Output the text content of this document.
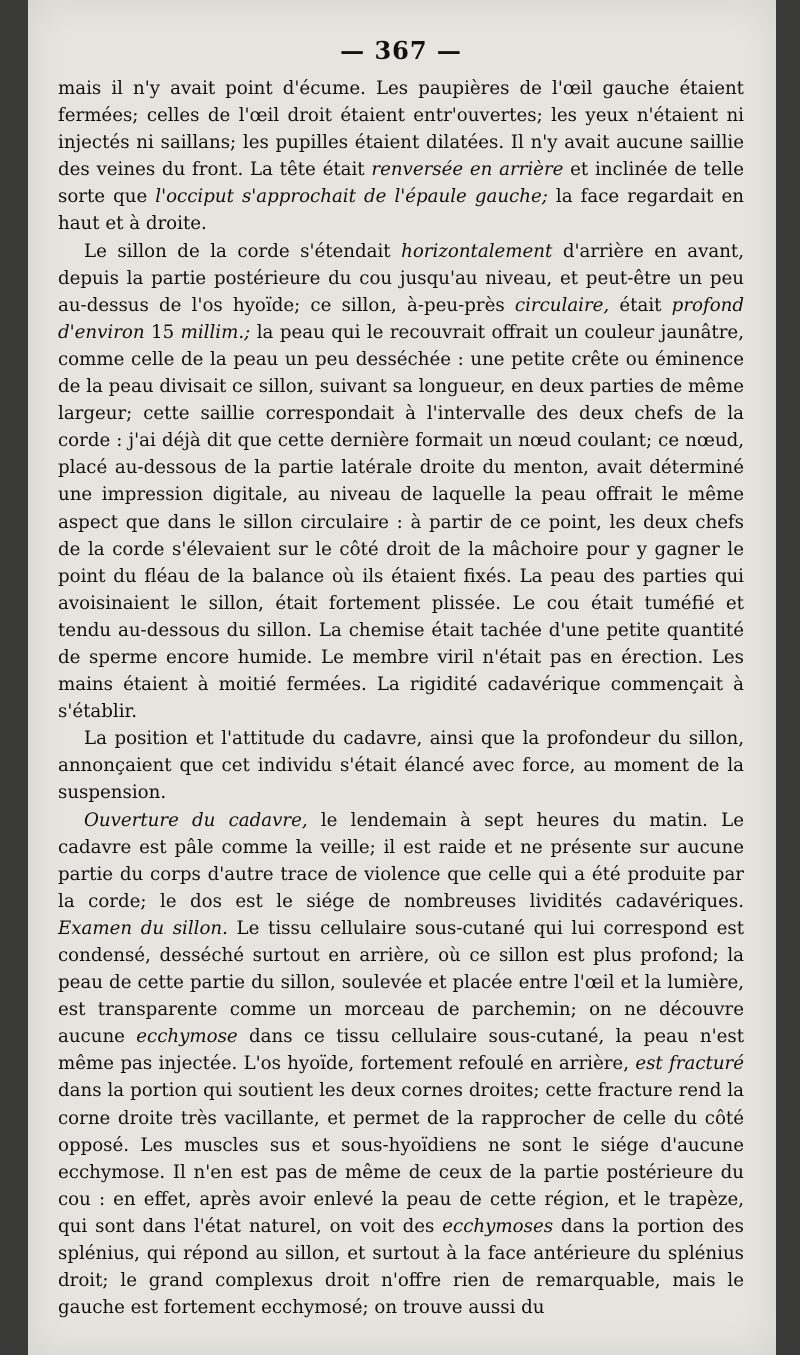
— 367 —

mais il n'y avait point d'écume. Les paupières de l'œil gauche étaient fermées; celles de l'œil droit étaient entr'ouvertes; les yeux n'étaient ni injectés ni saillans; les pupilles étaient dilatées. Il n'y avait aucune saillie des veines du front. La tête était renversée en arrière et inclinée de telle sorte que l'occiput s'approchait de l'épaule gauche; la face regardait en haut et à droite.

Le sillon de la corde s'étendait horizontalement d'arrière en avant, depuis la partie postérieure du cou jusqu'au niveau, et peut-être un peu au-dessus de l'os hyoïde; ce sillon, à-peu-près circulaire, était profond d'environ 15 millim.; la peau qui le recouvrait offrait un couleur jaunâtre, comme celle de la peau un peu desséchée : une petite crête ou éminence de la peau divisait ce sillon, suivant sa longueur, en deux parties de même largeur; cette saillie correspondait à l'intervalle des deux chefs de la corde : j'ai déjà dit que cette dernière formait un nœud coulant; ce nœud, placé au-dessous de la partie latérale droite du menton, avait déterminé une impression digitale, au niveau de laquelle la peau offrait le même aspect que dans le sillon circulaire : à partir de ce point, les deux chefs de la corde s'élevaient sur le côté droit de la mâchoire pour y gagner le point du fléau de la balance où ils étaient fixés. La peau des parties qui avoisinaient le sillon, était fortement plissée. Le cou était tuméfié et tendu au-dessous du sillon. La chemise était tachée d'une petite quantité de sperme encore humide. Le membre viril n'était pas en érection. Les mains étaient à moitié fermées. La rigidité cadavérique commençait à s'établir.

La position et l'attitude du cadavre, ainsi que la profondeur du sillon, annonçaient que cet individu s'était élancé avec force, au moment de la suspension.

Ouverture du cadavre, le lendemain à sept heures du matin. Le cadavre est pâle comme la veille; il est raide et ne présente sur aucune partie du corps d'autre trace de violence que celle qui a été produite par la corde; le dos est le siége de nombreuses lividités cadavériques. Examen du sillon. Le tissu cellulaire sous-cutané qui lui correspond est condensé, desséché surtout en arrière, où ce sillon est plus profond; la peau de cette partie du sillon, soulevée et placée entre l'œil et la lumière, est transparente comme un morceau de parchemin; on ne découvre aucune ecchymose dans ce tissu cellulaire sous-cutané, la peau n'est même pas injectée. L'os hyoïde, fortement refoulé en arrière, est fracturé dans la portion qui soutient les deux cornes droites; cette fracture rend la corne droite très vacillante, et permet de la rapprocher de celle du côté opposé. Les muscles sus et sous-hyoïdiens ne sont le siége d'aucune ecchymose. Il n'en est pas de même de ceux de la partie postérieure du cou : en effet, après avoir enlevé la peau de cette région, et le trapèze, qui sont dans l'état naturel, on voit des ecchymoses dans la portion des splénius, qui répond au sillon, et surtout à la face antérieure du splénius droit; le grand complexus droit n'offre rien de remarquable, mais le gauche est fortement ecchymosé; on trouve aussi du
